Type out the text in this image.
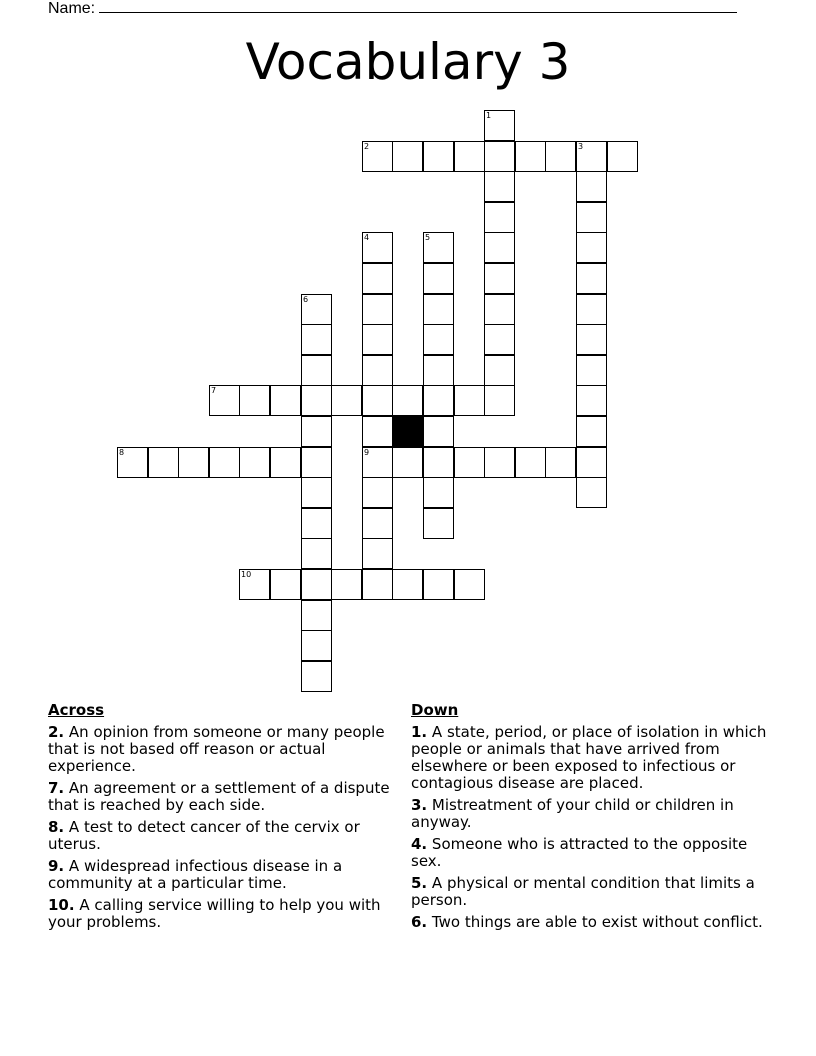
Name:
Vocabulary 3
1
2	3
4	5
6
7
8	9
10
Across
2. An opinion from someone or many people that is not based off reason or actual experience.
7. An agreement or a settlement of a dispute that is reached by each side.
8. A test to detect cancer of the cervix or uterus.
9. A widespread infectious disease in a community at a particular time.
10. A calling service willing to help you with your problems.
Down
1. A state, period, or place of isolation in which people or animals that have arrived from elsewhere or been exposed to infectious or contagious disease are placed.
3. Mistreatment of your child or children in anyway.
4. Someone who is attracted to the opposite sex.
5. A physical or mental condition that limits a person.
6. Two things are able to exist without conflict.
